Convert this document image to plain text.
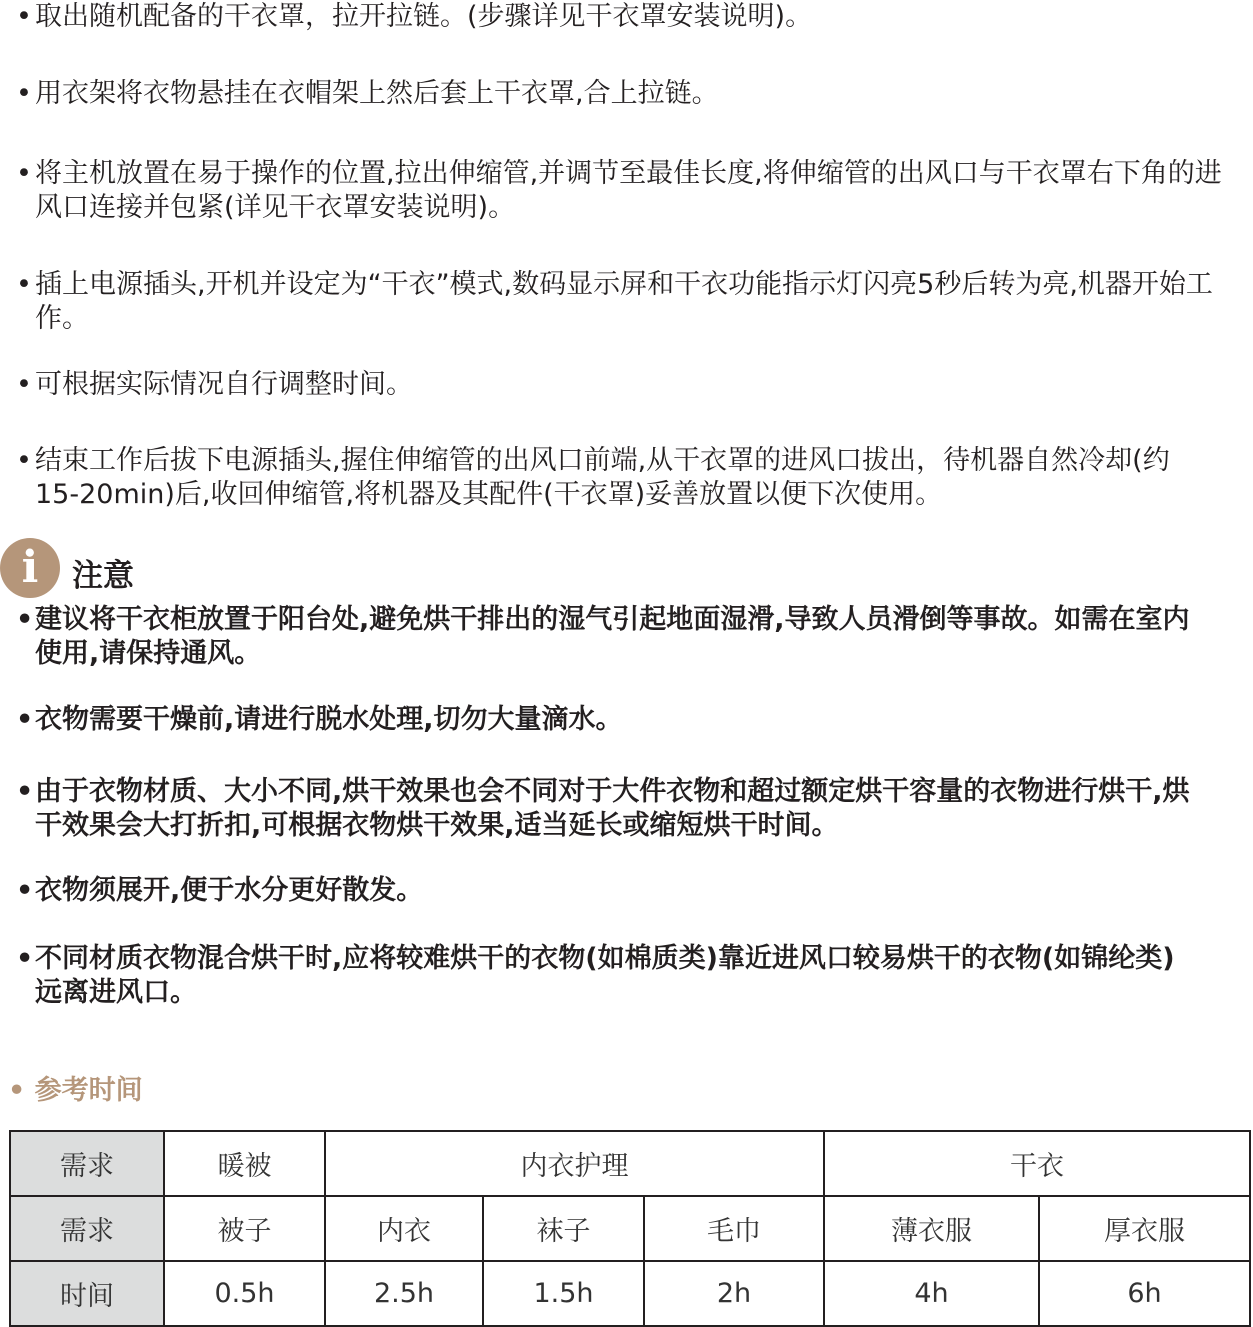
• 取出随机配备的干衣罩，拉开拉链。(步骤详见干衣罩安装说明)。
• 用衣架将衣物悬挂在衣帽架上然后套上干衣罩,合上拉链。
• 将主机放置在易于操作的位置,拉出伸缩管,并调节至最佳长度,将伸缩管的出风口与干衣罩右下角的进风口连接并包紧(详见干衣罩安装说明)。
• 插上电源插头,开机并设定为“干衣”模式,数码显示屏和干衣功能指示灯闪亮5秒后转为亮,机器开始工作。
• 可根据实际情况自行调整时间。
• 结束工作后拔下电源插头,握住伸缩管的出风口前端,从干衣罩的进风口拔出，待机器自然冷却(约15-20min)后,收回伸缩管,将机器及其配件(干衣罩)妥善放置以便下次使用。
i	注意
• 建议将干衣柜放置于阳台处,避免烘干排出的湿气引起地面湿滑,导致人员滑倒等事故。如需在室内使用,请保持通风。
• 衣物需要干燥前,请进行脱水处理,切勿大量滴水。
• 由于衣物材质、大小不同,烘干效果也会不同对于大件衣物和超过额定烘干容量的衣物进行烘干,烘干效果会大打折扣,可根据衣物烘干效果,适当延长或缩短烘干时间。
• 衣物须展开,便于水分更好散发。
• 不同材质衣物混合烘干时,应将较难烘干的衣物(如棉质类)靠近进风口较易烘干的衣物(如锦纶类)远离进风口。
• 参考时间
需求	暖被	内衣护理			干衣	
需求	被子	内衣	袜子	毛巾	薄衣服	厚衣服
时间	0.5h	2.5h	1.5h	2h	4h	6h
